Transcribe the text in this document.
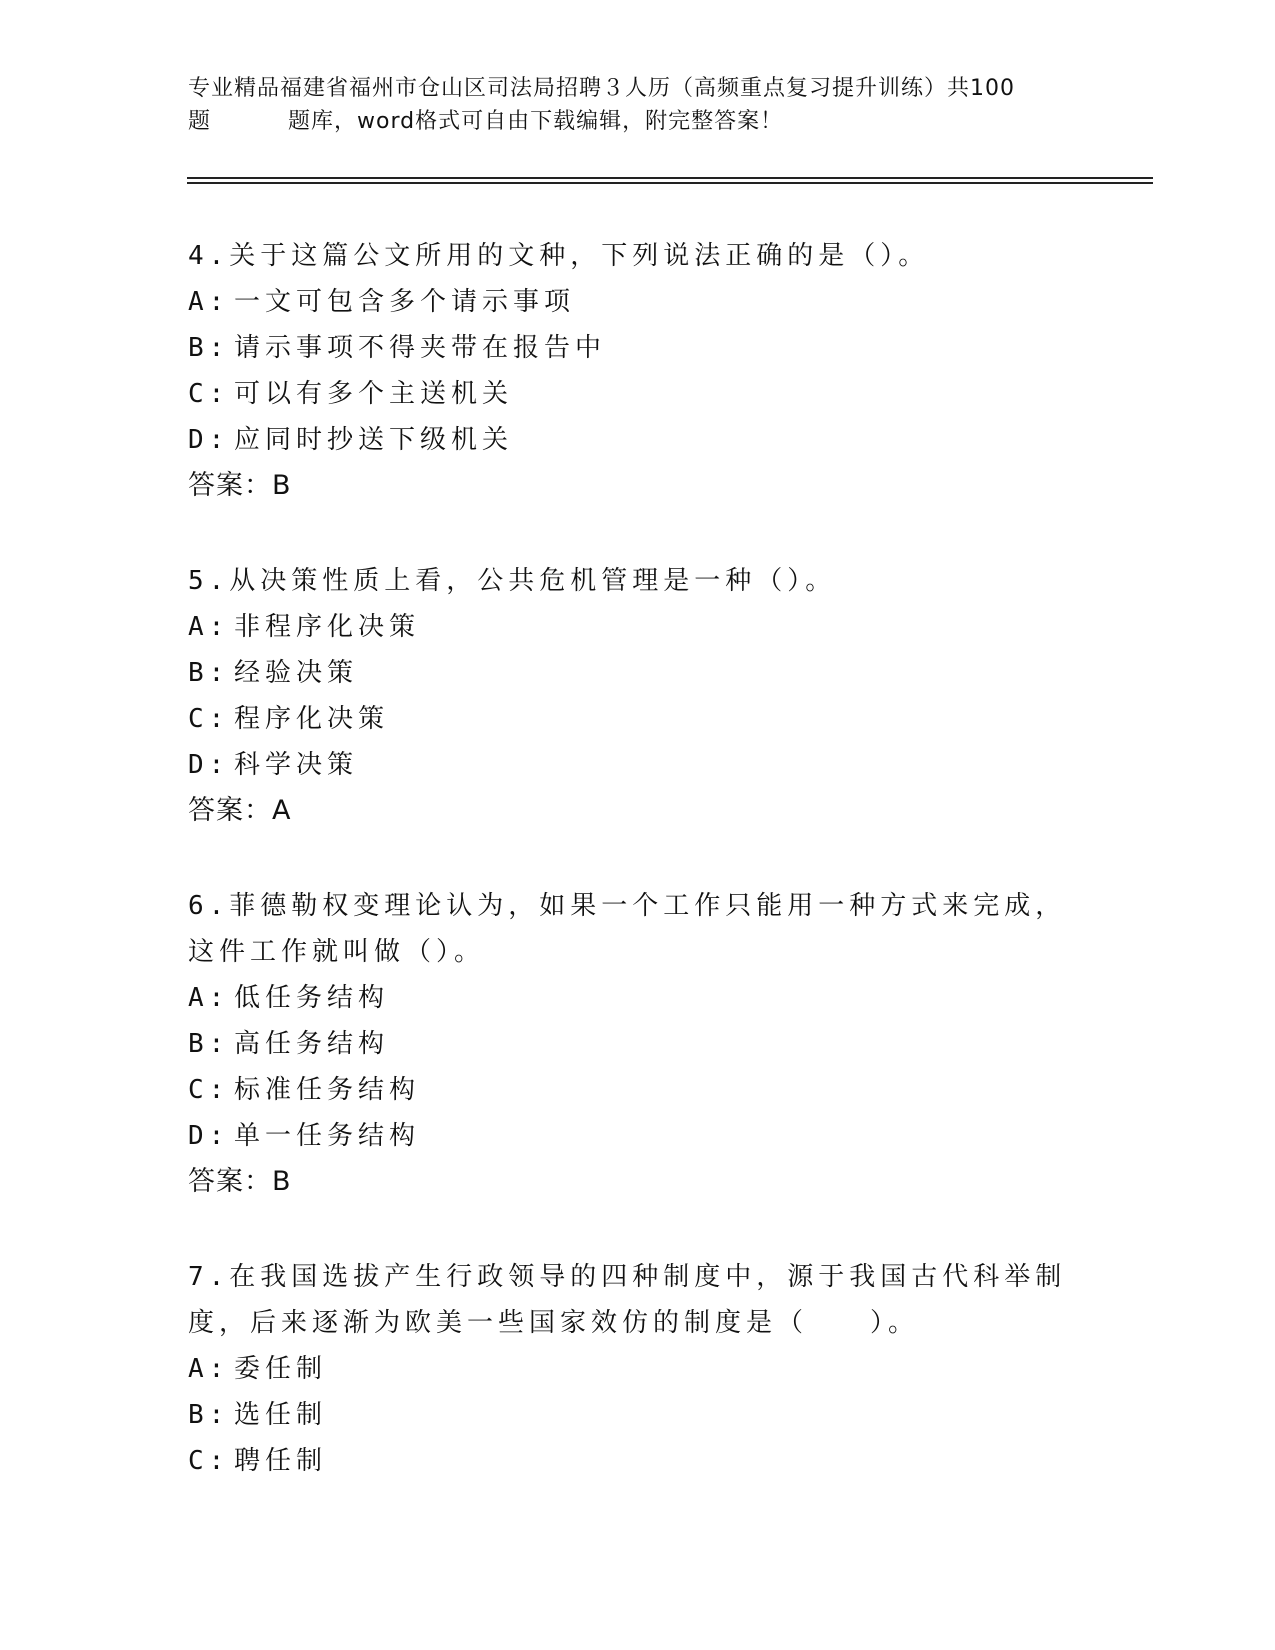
专业精品福建省福州市仓山区司法局招聘３人历（高频重点复习提升训练）共100
题	题库，word格式可自由下载编辑，附完整答案！
4.关于这篇公文所用的文种，下列说法正确的是（）。
A: 一文可包含多个请示事项
B: 请示事项不得夹带在报告中
C: 可以有多个主送机关
D: 应同时抄送下级机关
答案：B
5.从决策性质上看，公共危机管理是一种（）。
A: 非程序化决策
B: 经验决策
C: 程序化决策
D: 科学决策
答案：A
6.菲德勒权变理论认为，如果一个工作只能用一种方式来完成，这件工作就叫做（）。
A: 低任务结构
B: 高任务结构
C: 标准任务结构
D: 单一任务结构
答案：B
7.在我国选拔产生行政领导的四种制度中，源于我国古代科举制度，后来逐渐为欧美一些国家效仿的制度是（　　）。
A: 委任制
B: 选任制
C: 聘任制
